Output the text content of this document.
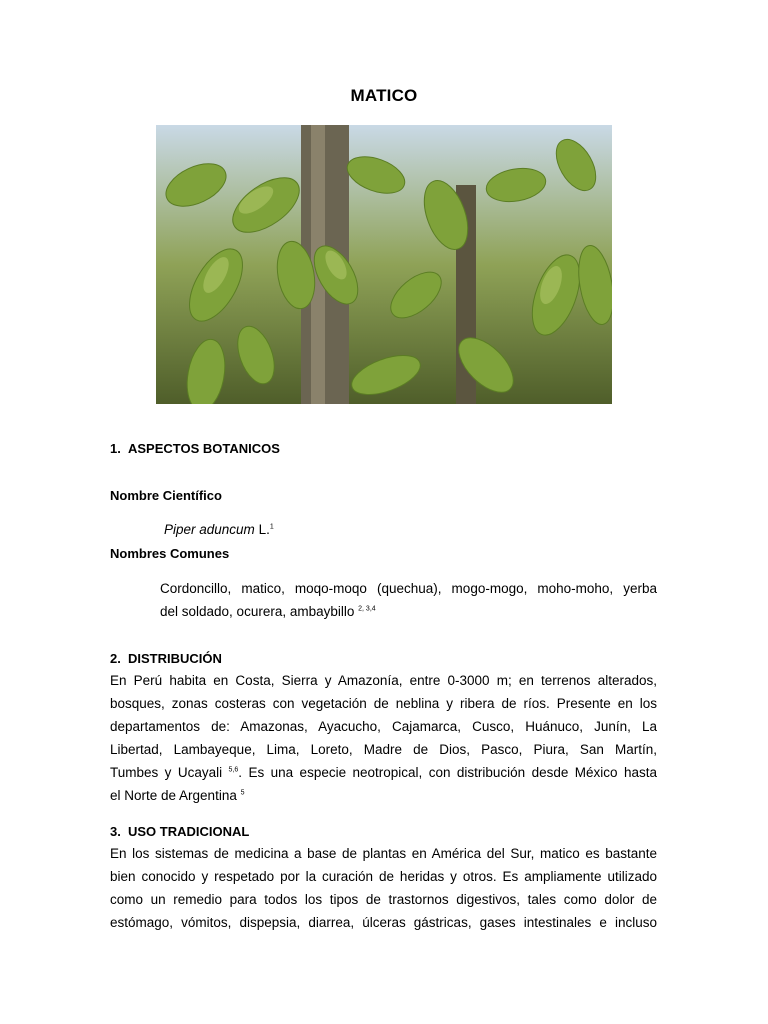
MATICO
1. ASPECTOS BOTANICOS
Nombre Científico
Piper aduncum L.$^1$
Nombres Comunes
Cordoncillo, matico, moqo-moqo (quechua), mogo-mogo, moho-moho, yerba
del soldado, ocurera, ambaybillo $^{2, 3,4}$
2. DISTRIBUCIÓN
En Perú habita en Costa, Sierra y Amazonía, entre 0-3000 m; en terrenos alterados,
bosques, zonas costeras con vegetación de neblina y ribera de ríos. Presente en los
departamentos de: Amazonas, Ayacucho, Cajamarca, Cusco, Huánuco, Junín, La
Libertad, Lambayeque, Lima, Loreto, Madre de Dios, Pasco, Piura, San Martín,
Tumbes y Ucayali $^{5,6}$. Es una especie neotropical, con distribución desde México hasta
el Norte de Argentina $^5$
3. USO TRADICIONAL
En los sistemas de medicina a base de plantas en América del Sur, matico es bastante
bien conocido y respetado por la curación de heridas y otros. Es ampliamente utilizado
como un remedio para todos los tipos de trastornos digestivos, tales como dolor de
estómago, vómitos, dispepsia, diarrea, úlceras gástricas, gases intestinales e incluso
